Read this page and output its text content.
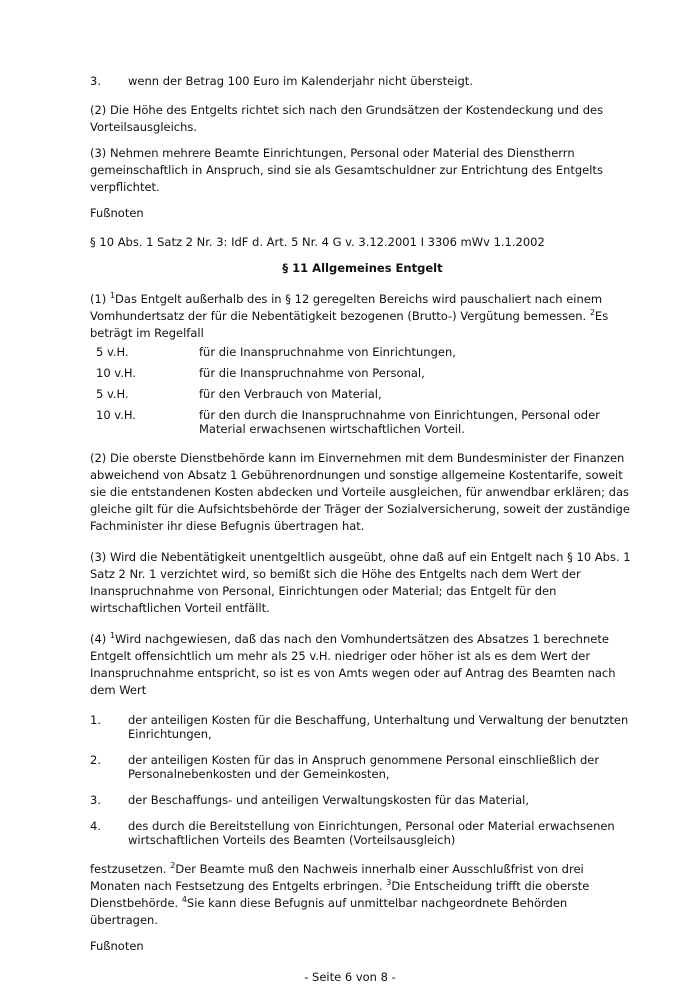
3.	wenn der Betrag 100 Euro im Kalenderjahr nicht übersteigt.

(2) Die Höhe des Entgelts richtet sich nach den Grundsätzen der Kostendeckung und des Vorteilsausgleichs.

(3) Nehmen mehrere Beamte Einrichtungen, Personal oder Material des Dienstherrn gemeinschaftlich in Anspruch, sind sie als Gesamtschuldner zur Entrichtung des Entgelts verpflichtet.

Fußnoten

§ 10 Abs. 1 Satz 2 Nr. 3: IdF d. Art. 5 Nr. 4 G v. 3.12.2001 I 3306 mWv 1.1.2002

§ 11 Allgemeines Entgelt

(1) $^1$Das Entgelt außerhalb des in § 12 geregelten Bereichs wird pauschaliert nach einem Vomhundertsatz der für die Nebentätigkeit bezogenen (Brutto-) Vergütung bemessen. $^2$Es beträgt im Regelfall

5 v.H.	für die Inanspruchnahme von Einrichtungen,
10 v.H.	für die Inanspruchnahme von Personal,
5 v.H.	für den Verbrauch von Material,
10 v.H.	für den durch die Inanspruchnahme von Einrichtungen, Personal oder Material erwachsenen wirtschaftlichen Vorteil.

(2) Die oberste Dienstbehörde kann im Einvernehmen mit dem Bundesminister der Finanzen abweichend von Absatz 1 Gebührenordnungen und sonstige allgemeine Kostentarife, soweit sie die entstandenen Kosten abdecken und Vorteile ausgleichen, für anwendbar erklären; das gleiche gilt für die Aufsichtsbehörde der Träger der Sozialversicherung, soweit der zuständige Fachminister ihr diese Befugnis übertragen hat.

(3) Wird die Nebentätigkeit unentgeltlich ausgeübt, ohne daß auf ein Entgelt nach § 10 Abs. 1 Satz 2 Nr. 1 verzichtet wird, so bemißt sich die Höhe des Entgelts nach dem Wert der Inanspruchnahme von Personal, Einrichtungen oder Material; das Entgelt für den wirtschaftlichen Vorteil entfällt.

(4) $^1$Wird nachgewiesen, daß das nach den Vomhundertsätzen des Absatzes 1 berechnete Entgelt offensichtlich um mehr als 25 v.H. niedriger oder höher ist als es dem Wert der Inanspruchnahme entspricht, so ist es von Amts wegen oder auf Antrag des Beamten nach dem Wert

1.	der anteiligen Kosten für die Beschaffung, Unterhaltung und Verwaltung der benutzten Einrichtungen,
2.	der anteiligen Kosten für das in Anspruch genommene Personal einschließlich der Personalnebenkosten und der Gemeinkosten,
3.	der Beschaffungs- und anteiligen Verwaltungskosten für das Material,
4.	des durch die Bereitstellung von Einrichtungen, Personal oder Material erwachsenen wirtschaftlichen Vorteils des Beamten (Vorteilsausgleich)

festzusetzen. $^2$Der Beamte muß den Nachweis innerhalb einer Ausschlußfrist von drei Monaten nach Festsetzung des Entgelts erbringen. $^3$Die Entscheidung trifft die oberste Dienstbehörde. $^4$Sie kann diese Befugnis auf unmittelbar nachgeordnete Behörden übertragen.

Fußnoten

- Seite 6 von 8 -
